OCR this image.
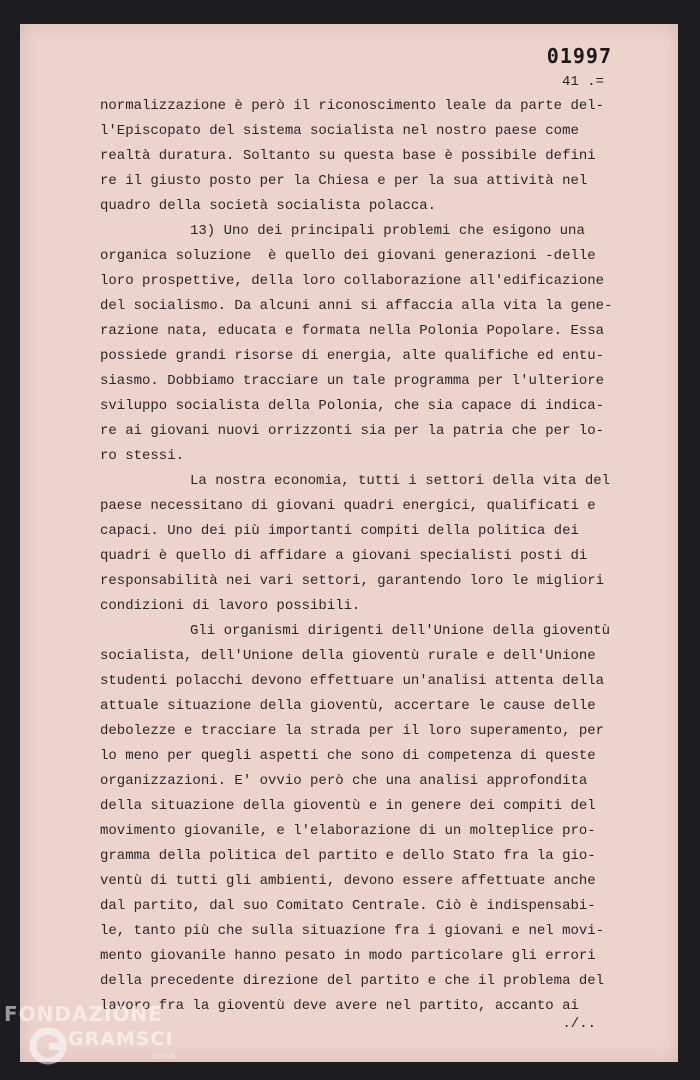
01997
41 .=
normalizzazione è però il riconoscimento leale da parte del-
l'Episcopato del sistema socialista nel nostro paese come
realtà duratura. Soltanto su questa base è possibile defini
re il giusto posto per la Chiesa e per la sua attività nel
quadro della società socialista polacca.
13) Uno dei principali problemi che esigono una
organica soluzione  è quello dei giovani generazioni -delle
loro prospettive, della loro collaborazione all'edificazione
del socialismo. Da alcuni anni si affaccia alla vita la gene-
razione nata, educata e formata nella Polonia Popolare. Essa
possiede grandi risorse di energia, alte qualifiche ed entu-
siasmo. Dobbiamo tracciare un tale programma per l'ulteriore
sviluppo socialista della Polonia, che sia capace di indica-
re ai giovani nuovi orrizzonti sia per la patria che per lo-
ro stessi.
La nostra economia, tutti i settori della vita del
paese necessitano di giovani quadri energici, qualificati e
capaci. Uno dei più importanti compiti della politica dei
quadri è quello di affidare a giovani specialisti posti di
responsabilità nei vari settori, garantendo loro le migliori
condizioni di lavoro possibili.
Gli organismi dirigenti dell'Unione della gioventù
socialista, dell'Unione della gioventù rurale e dell'Unione
studenti polacchi devono effettuare un'analisi attenta della
attuale situazione della gioventù, accertare le cause delle
debolezze e tracciare la strada per il loro superamento, per
lo meno per quegli aspetti che sono di competenza di queste
organizzazioni. E' ovvio però che una analisi approfondita
della situazione della gioventù e in genere dei compiti del
movimento giovanile, e l'elaborazione di un molteplice pro-
gramma della politica del partito e dello Stato fra la gio-
ventù di tutti gli ambienti, devono essere affettuate anche
dal partito, dal suo Comitato Centrale. Ciò è indispensabi-
le, tanto più che sulla situazione fra i giovani e nel movi-
mento giovanile hanno pesato in modo particolare gli errori
della precedente direzione del partito e che il problema del
lavoro fra la gioventù deve avere nel partito, accanto ai
./..
FONDAZIONE
GRAMSCI
onlus
